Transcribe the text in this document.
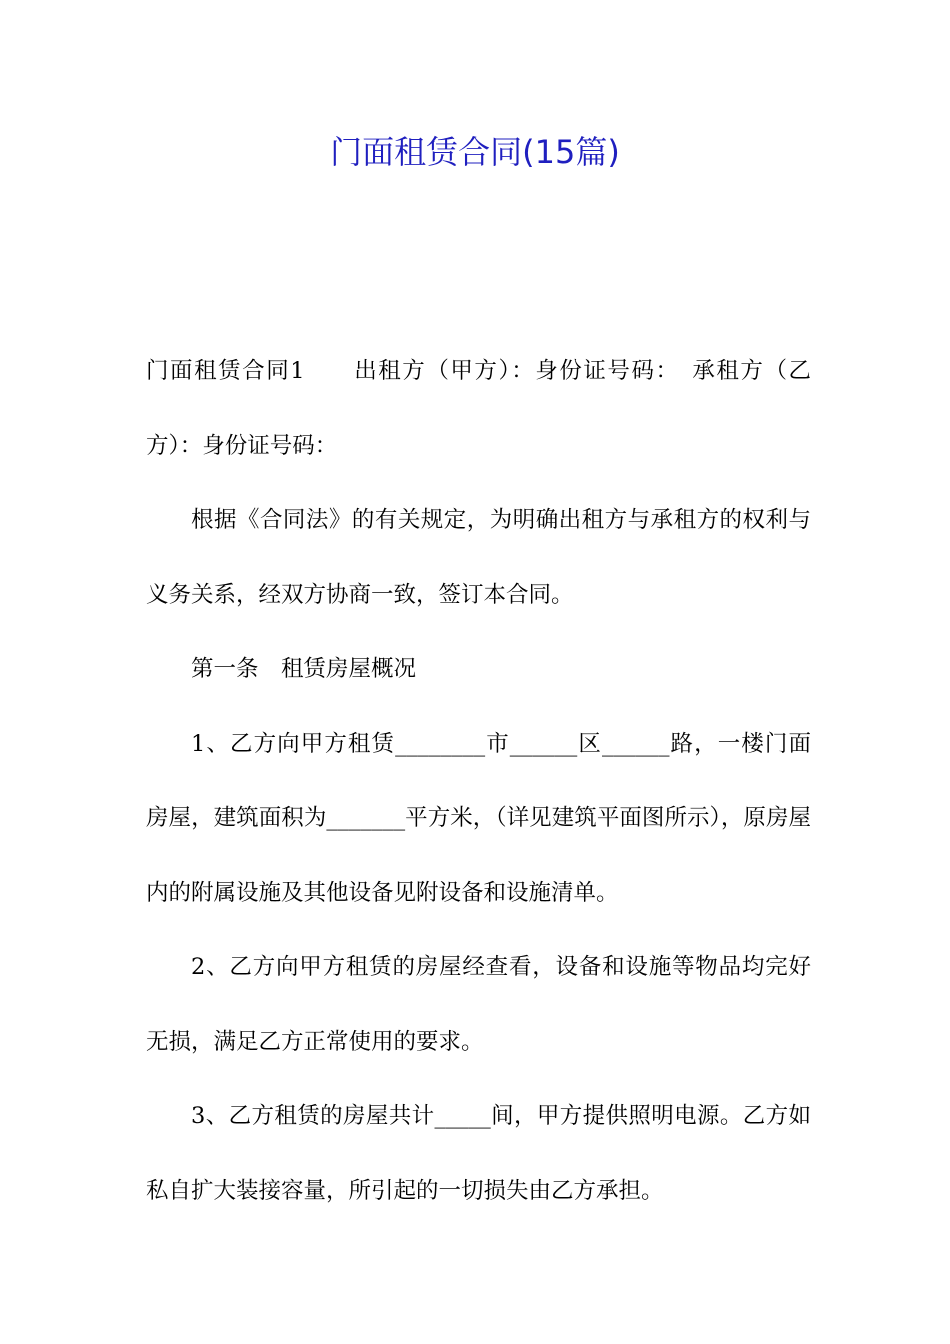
门面租赁合同(15篇)

门面租赁合同1　　出租方（甲方）：身份证号码：　承租方（乙方）：身份证号码：

根据《合同法》的有关规定，为明确出租方与承租方的权利与义务关系，经双方协商一致，签订本合同。

第一条　租赁房屋概况

1、乙方向甲方租赁________市______区______路，一楼门面房屋，建筑面积为_______平方米，（详见建筑平面图所示），原房屋内的附属设施及其他设备见附设备和设施清单。

2、乙方向甲方租赁的房屋经查看，设备和设施等物品均完好无损，满足乙方正常使用的要求。

3、乙方租赁的房屋共计_____间，甲方提供照明电源。乙方如私自扩大装接容量，所引起的一切损失由乙方承担。
